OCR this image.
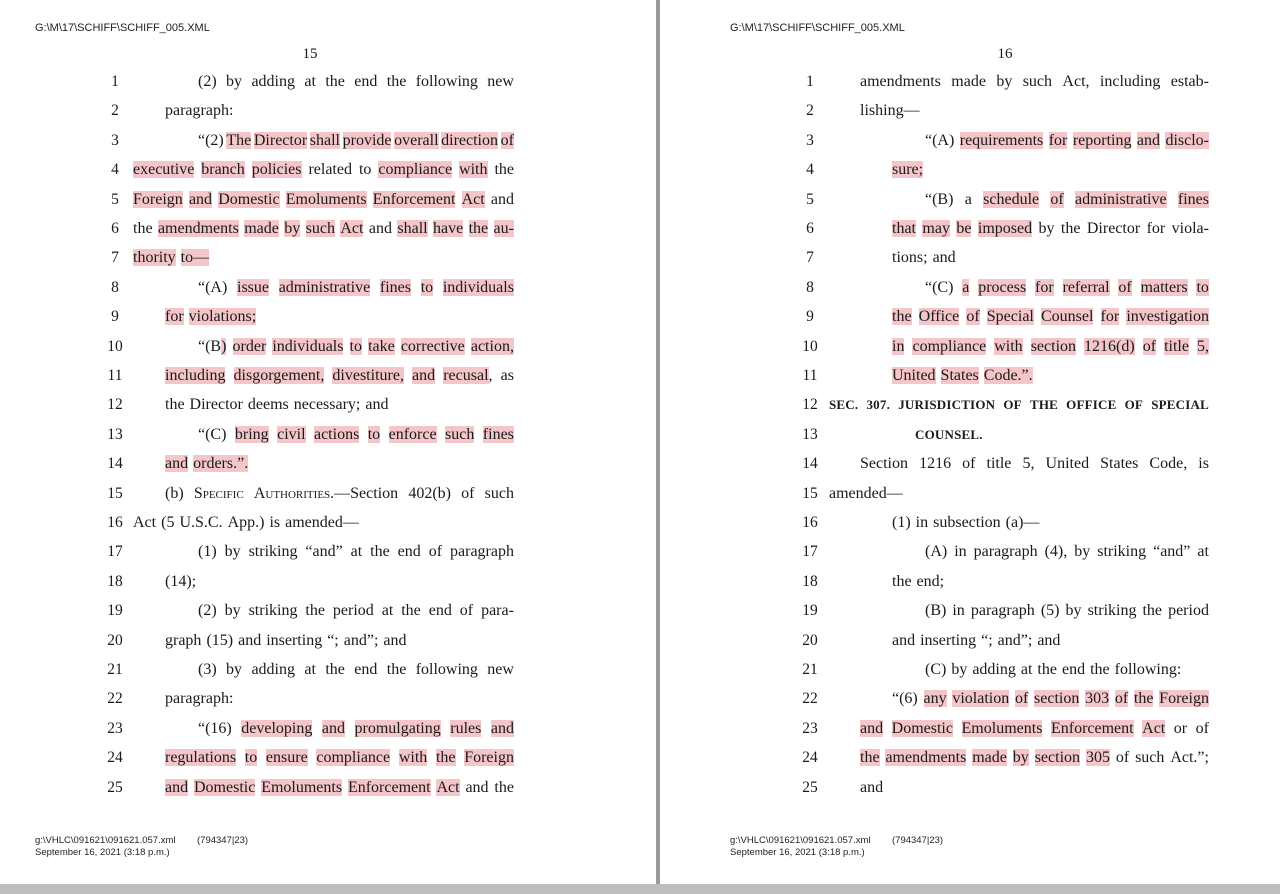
G:\M\17\SCHIFF\SCHIFF_005.XML
15
1	(2) by adding at the end the following new
2	paragraph:
3	“(2) The Director shall provide overall direction of
4 executive branch policies related to compliance with the
5 Foreign and Domestic Emoluments Enforcement Act and
6 the amendments made by such Act and shall have the au-
7 thority to—
8	“(A) issue administrative fines to individuals
9	for violations;
10	“(B) order individuals to take corrective action,
11	including disgorgement, divestiture, and recusal, as
12	the Director deems necessary; and
13	“(C) bring civil actions to enforce such fines
14	and orders.”.
15	(b) Specific Authorities.—Section 402(b) of such
16 Act (5 U.S.C. App.) is amended—
17	(1) by striking “and” at the end of paragraph
18	(14);
19	(2) by striking the period at the end of para-
20	graph (15) and inserting “; and”; and
21	(3) by adding at the end the following new
22	paragraph:
23	“(16) developing and promulgating rules and
24	regulations to ensure compliance with the Foreign
25	and Domestic Emoluments Enforcement Act and the
g:\VHLC\091621\091621.057.xml (794347|23)
September 16, 2021 (3:18 p.m.)
G:\M\17\SCHIFF\SCHIFF_005.XML
16
1	amendments made by such Act, including estab-
2	lishing—
3	“(A) requirements for reporting and disclo-
4	sure;
5	“(B) a schedule of administrative fines
6	that may be imposed by the Director for viola-
7	tions; and
8	“(C) a process for referral of matters to
9	the Office of Special Counsel for investigation
10	in compliance with section 1216(d) of title 5,
11	United States Code.”.
12 SEC. 307. JURISDICTION OF THE OFFICE OF SPECIAL
13	COUNSEL.
14	Section 1216 of title 5, United States Code, is
15 amended—
16	(1) in subsection (a)—
17	(A) in paragraph (4), by striking “and” at
18	the end;
19	(B) in paragraph (5) by striking the period
20	and inserting “; and”; and
21	(C) by adding at the end the following:
22	“(6) any violation of section 303 of the Foreign
23	and Domestic Emoluments Enforcement Act or of
24	the amendments made by section 305 of such Act.”;
25	and
g:\VHLC\091621\091621.057.xml (794347|23)
September 16, 2021 (3:18 p.m.)
